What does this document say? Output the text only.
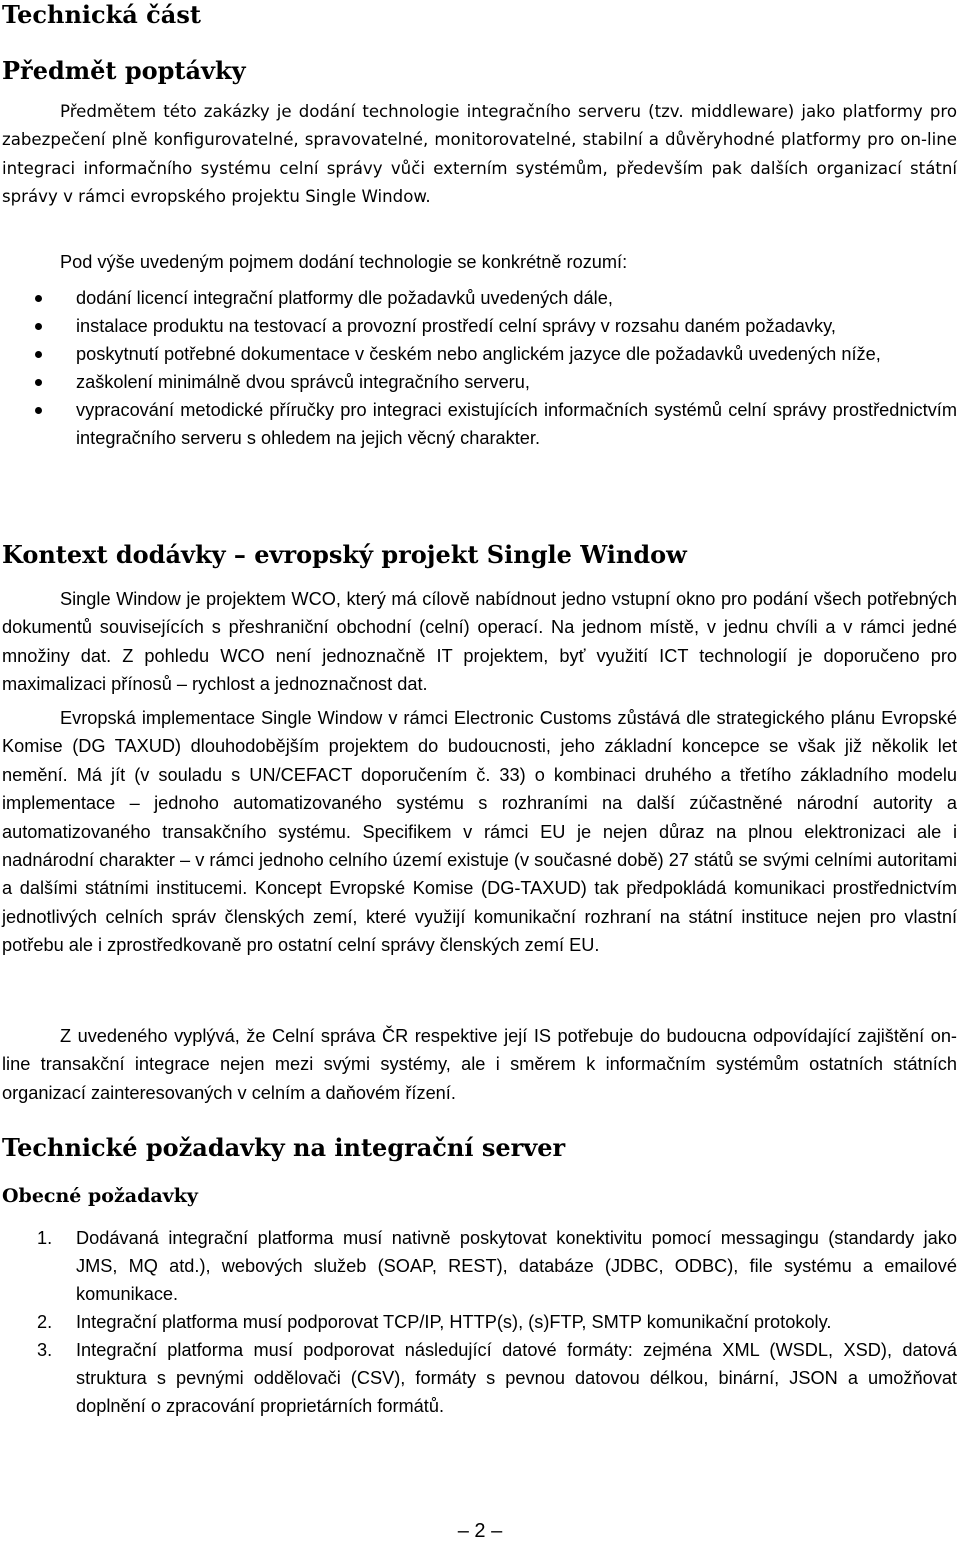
Technická část
Předmět poptávky

Předmětem této zakázky je dodání technologie integračního serveru (tzv. middleware) jako platformy pro zabezpečení plně konfigurovatelné, spravovatelné, monitorovatelné, stabilní a důvěryhodné platformy pro on-line integraci informačního systému celní správy vůči externím systémům, především pak dalších organizací státní správy v rámci evropského projektu Single Window.

Pod výše uvedeným pojmem dodání technologie se konkrétně rozumí:

dodání licencí integrační platformy dle požadavků uvedených dále,
instalace produktu na testovací a provozní prostředí celní správy v rozsahu daném požadavky,
poskytnutí potřebné dokumentace v českém nebo anglickém jazyce dle požadavků uvedených níže,
zaškolení minimálně dvou správců integračního serveru,
vypracování metodické příručky pro integraci existujících informačních systémů celní správy prostřednictvím integračního serveru s ohledem na jejich věcný charakter.
Kontext dodávky – evropský projekt Single Window

Single Window je projektem WCO, který má cílově nabídnout jedno vstupní okno pro podání všech potřebných dokumentů souvisejících s přeshraniční obchodní (celní) operací. Na jednom místě, v jednu chvíli a v rámci jedné množiny dat. Z pohledu WCO není jednoznačně IT projektem, byť využití ICT technologií je doporučeno pro maximalizaci přínosů – rychlost a jednoznačnost dat.

Evropská implementace Single Window v rámci Electronic Customs zůstává dle strategického plánu Evropské Komise (DG TAXUD) dlouhodobějším projektem do budoucnosti, jeho základní koncepce se však již několik let nemění. Má jít (v souladu s UN/CEFACT doporučením č. 33) o kombinaci druhého a třetího základního modelu implementace – jednoho automatizovaného systému s rozhraními na další zúčastněné národní autority a automatizovaného transakčního systému. Specifikem v rámci EU je nejen důraz na plnou elektronizaci ale i nadnárodní charakter – v rámci jednoho celního území existuje (v současné době) 27 států se svými celními autoritami a dalšími státními institucemi. Koncept Evropské Komise (DG-TAXUD) tak předpokládá komunikaci prostřednictvím jednotlivých celních správ členských zemí, které využijí komunikační rozhraní na státní instituce nejen pro vlastní potřebu ale i zprostředkovaně pro ostatní celní správy členských zemí EU.

Z uvedeného vyplývá, že Celní správa ČR respektive její IS potřebuje do budoucna odpovídající zajištění on-line transakční integrace nejen mezi svými systémy, ale i směrem k informačním systémům ostatních státních organizací zainteresovaných v celním a daňovém řízení.

Technické požadavky na integrační server
Obecné požadavky
1. Dodávaná integrační platforma musí nativně poskytovat konektivitu pomocí messagingu (standardy jako JMS, MQ atd.), webových služeb (SOAP, REST), databáze (JDBC, ODBC), file systému a emailové komunikace.
2. Integrační platforma musí podporovat TCP/IP, HTTP(s), (s)FTP, SMTP komunikační protokoly.
3. Integrační platforma musí podporovat následující datové formáty: zejména XML (WSDL, XSD), datová struktura s pevnými oddělovači (CSV), formáty s pevnou datovou délkou, binární, JSON a umožňovat doplnění o zpracování proprietárních formátů.
– 2 –
